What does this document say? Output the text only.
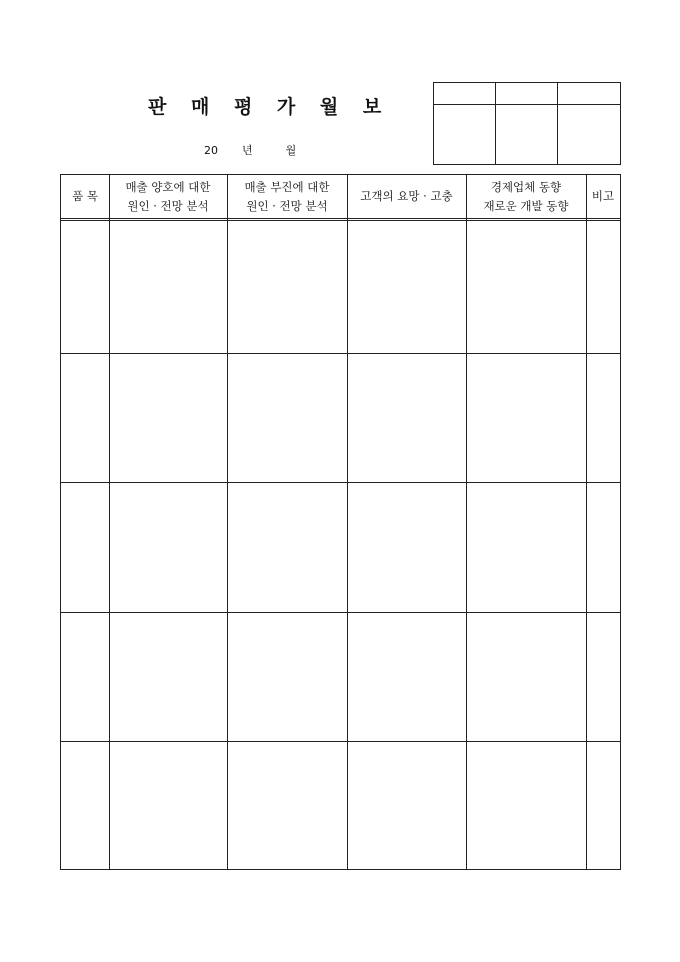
판 매 평 가 월 보
20 년	월
품 목
매출 양호에 대한
원인 · 전망 분석
매출 부진에 대한
원인 · 전망 분석
고객의 요망 · 고충
경제업체 동향
재로운 개발 동향
비고
